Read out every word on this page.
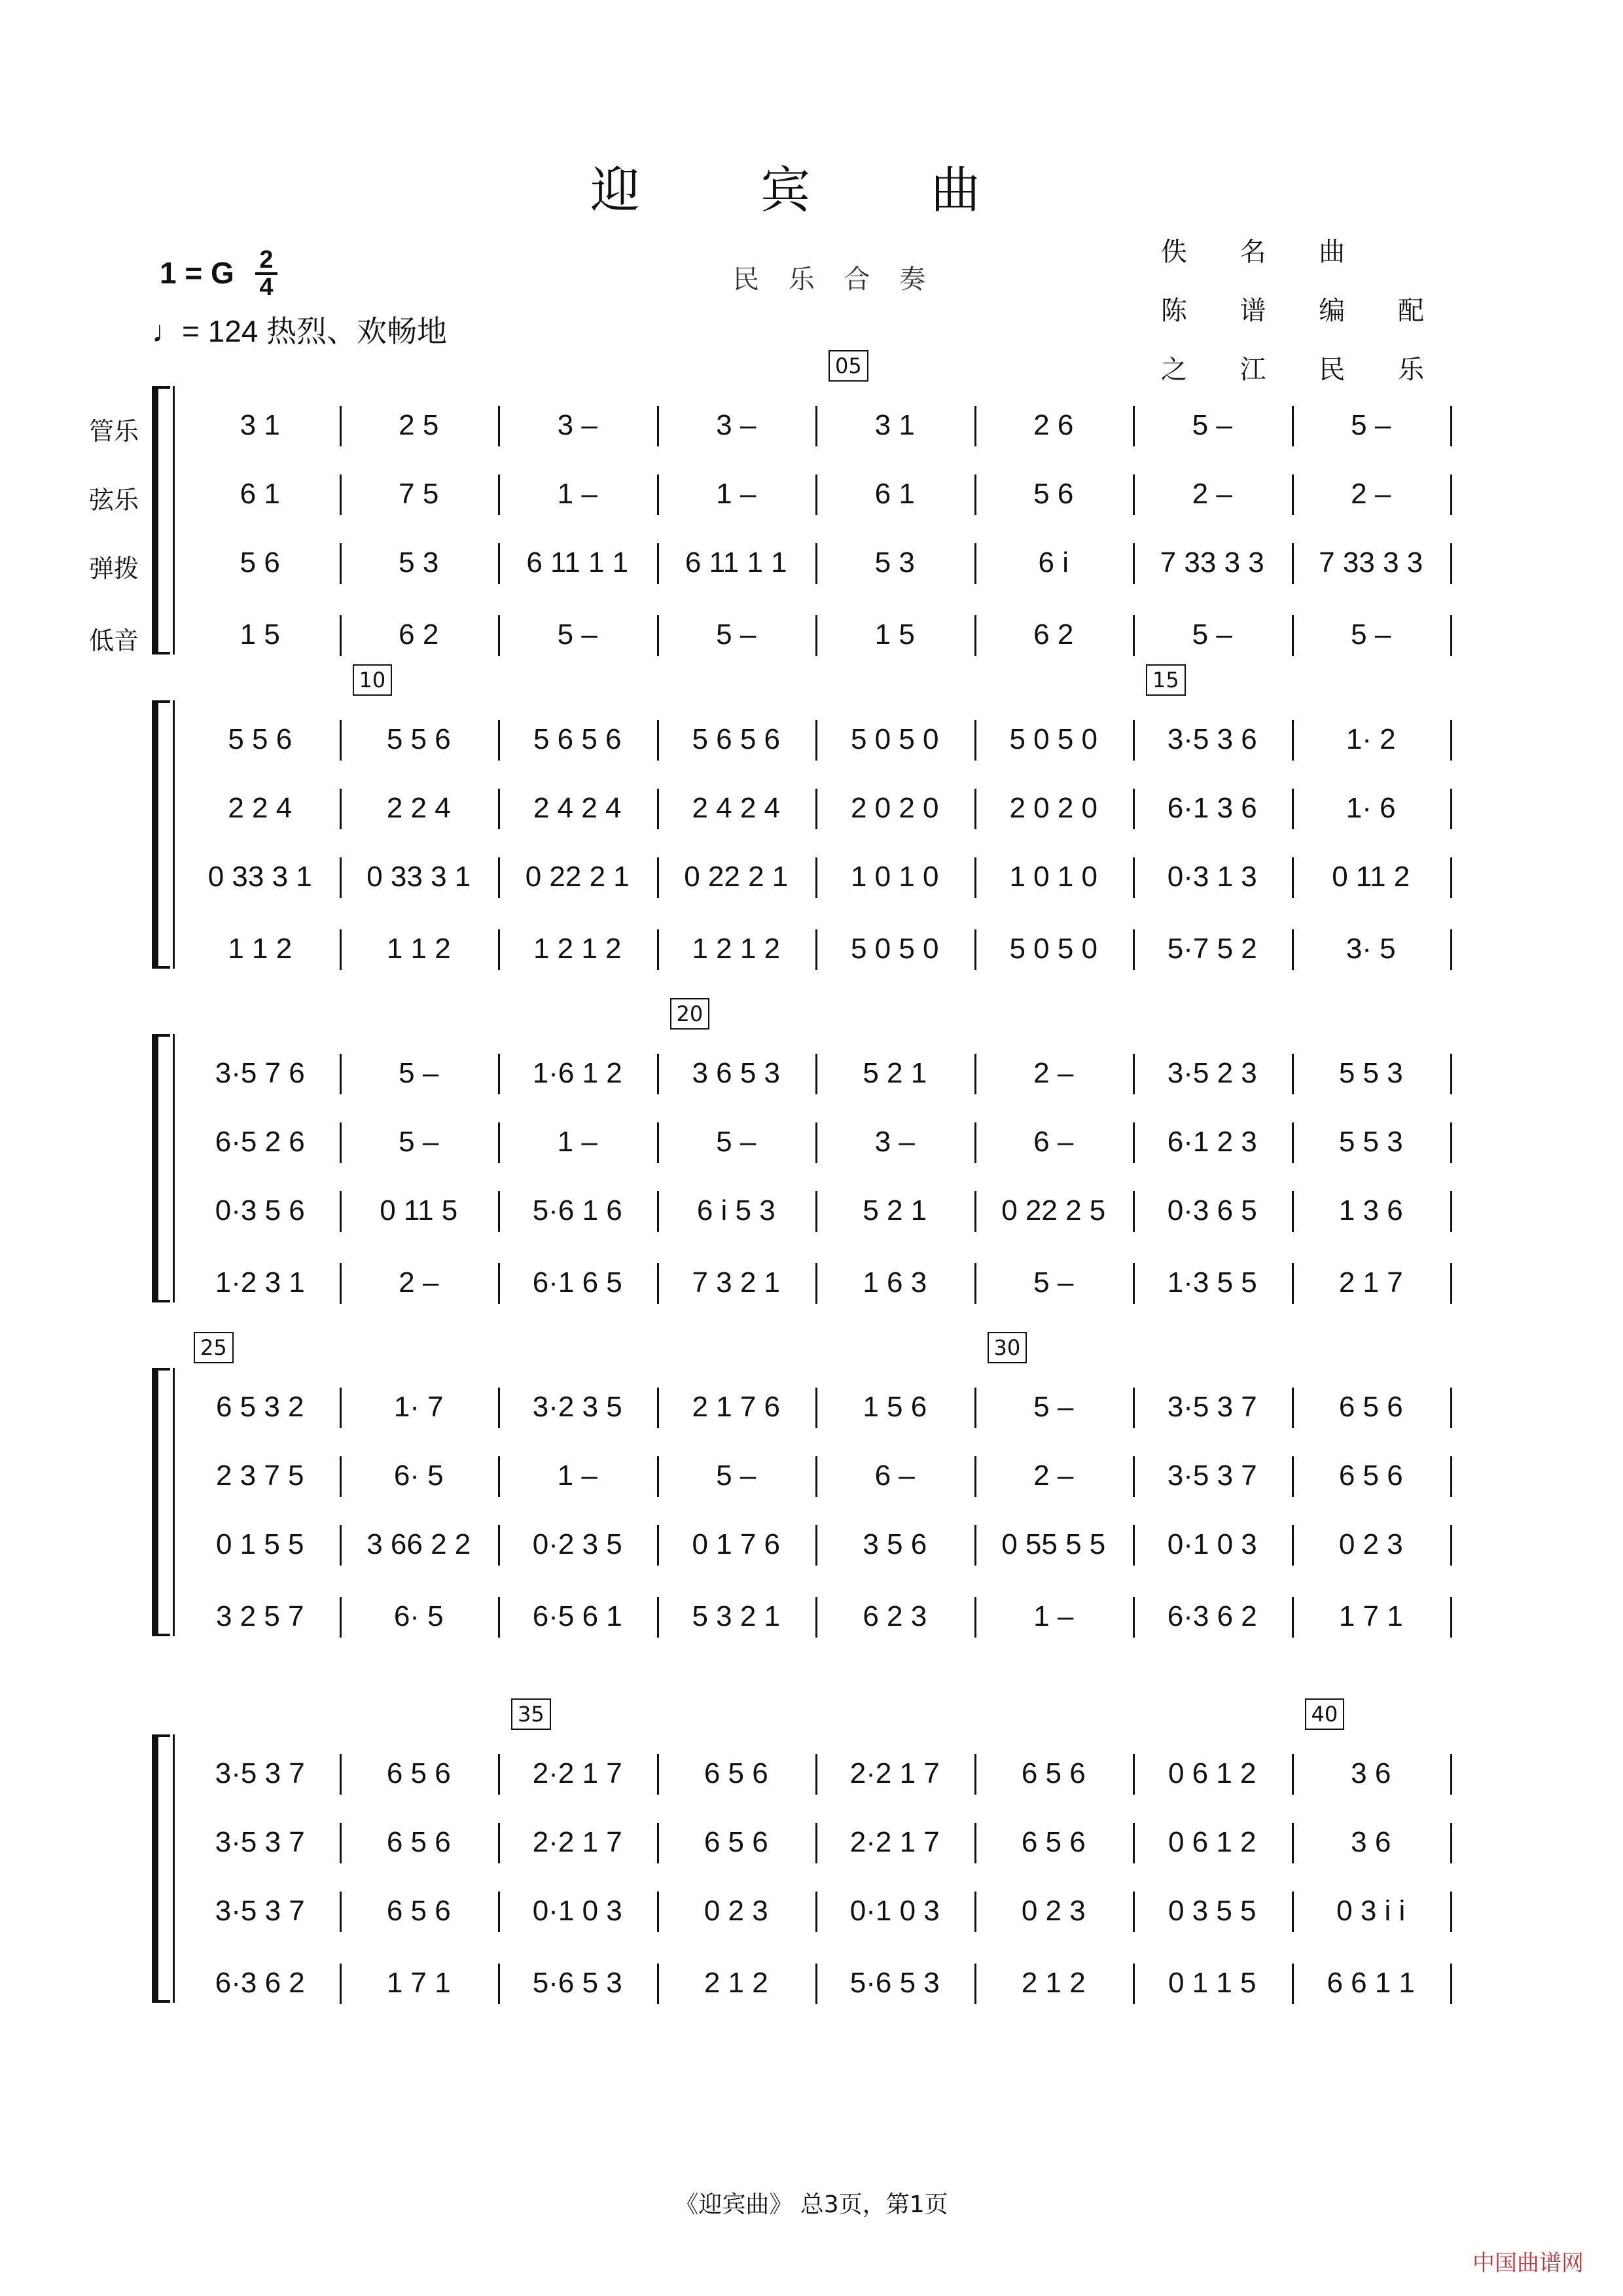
迎 宾 曲
民 乐 合 奏
佚 名 曲
陈 谱 编 配
之 江 民 乐
1 = G 2
4
♩= 124 热烈、欢畅地
05
3 1	2 5	3 –	3 –	3 1	2 6	5 –	5 –
管乐
6 1	7 5	1 –	1 –	6 1	5 6	2 –	2 –
弦乐
5 6	5 3	6 11 1 1	6 11 1 1	5 3	6 i	7 33 3 3	7 33 3 3
弹拨
1 5	6 2	5 –	5 –	1 5	6 2	5 –	5 –
低音
10	15
5 5 6	5 5 6	5 6 5 6	5 6 5 6	5 0 5 0	5 0 5 0	3·5 3 6	1· 2
2 2 4	2 2 4	2 4 2 4	2 4 2 4	2 0 2 0	2 0 2 0	6·1 3 6	1· 6
0 33 3 1	0 33 3 1	0 22 2 1	0 22 2 1	1 0 1 0	1 0 1 0	0·3 1 3	0 11 2
1 1 2	1 1 2	1 2 1 2	1 2 1 2	5 0 5 0	5 0 5 0	5·7 5 2	3· 5
20
3·5 7 6	5 –	1·6 1 2	3 6 5 3	5 2 1	2 –	3·5 2 3	5 5 3
6·5 2 6	5 –	1 –	5 –	3 –	6 –	6·1 2 3	5 5 3
0·3 5 6	0 11 5	5·6 1 6	6 i 5 3	5 2 1	0 22 2 5	0·3 6 5	1 3 6
1·2 3 1	2 –	6·1 6 5	7 3 2 1	1 6 3	5 –	1·3 5 5	2 1 7
25	30
6 5 3 2	1· 7	3·2 3 5	2 1 7 6	1 5 6	5 –	3·5 3 7	6 5 6
2 3 7 5	6· 5	1 –	5 –	6 –	2 –	3·5 3 7	6 5 6
0 1 5 5	3 66 2 2	0·2 3 5	0 1 7 6	3 5 6	0 55 5 5	0·1 0 3	0 2 3
3 2 5 7	6· 5	6·5 6 1	5 3 2 1	6 2 3	1 –	6·3 6 2	1 7 1
35	40
3·5 3 7	6 5 6	2·2 1 7	6 5 6	2·2 1 7	6 5 6	0 6 1 2	3 6
3·5 3 7	6 5 6	2·2 1 7	6 5 6	2·2 1 7	6 5 6	0 6 1 2	3 6
3·5 3 7	6 5 6	0·1 0 3	0 2 3	0·1 0 3	0 2 3	0 3 5 5	0 3 i i
6·3 6 2	1 7 1	5·6 5 3	2 1 2	5·6 5 3	2 1 2	0 1 1 5	6 6 1 1
《迎宾曲》 总3页，第1页
中国曲谱网
